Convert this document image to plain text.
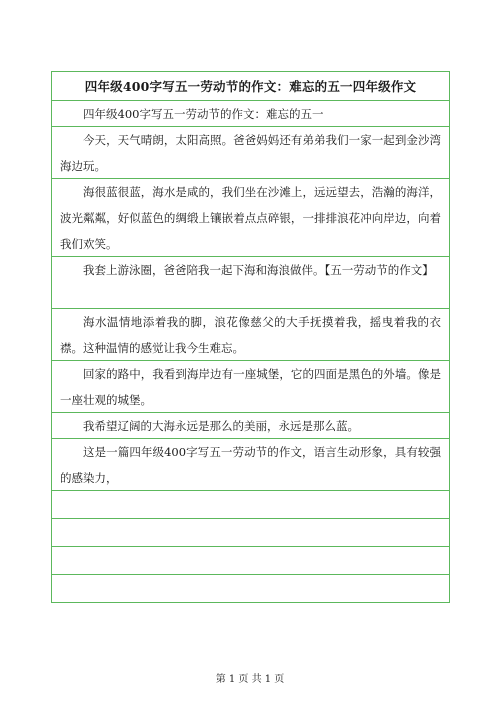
四年级400字写五一劳动节的作文：难忘的五一四年级作文
四年级400字写五一劳动节的作文：难忘的五一
今天，天气晴朗，太阳高照。爸爸妈妈还有弟弟我们一家一起到金沙湾海边玩。
海很蓝很蓝，海水是咸的，我们坐在沙滩上，远远望去，浩瀚的海洋，波光粼粼，好似蓝色的绸缎上镶嵌着点点碎银，一排排浪花冲向岸边，向着我们欢笑。
我套上游泳圈，爸爸陪我一起下海和海浪做伴。【五一劳动节的作文】
海水温情地添着我的脚，浪花像慈父的大手抚摸着我，摇曳着我的衣襟。这种温情的感觉让我今生难忘。
回家的路中，我看到海岸边有一座城堡，它的四面是黑色的外墙。像是一座壮观的城堡。
我希望辽阔的大海永远是那么的美丽，永远是那么蓝。
这是一篇四年级400字写五一劳动节的作文，语言生动形象，具有较强的感染力，
第 1 页 共 1 页
